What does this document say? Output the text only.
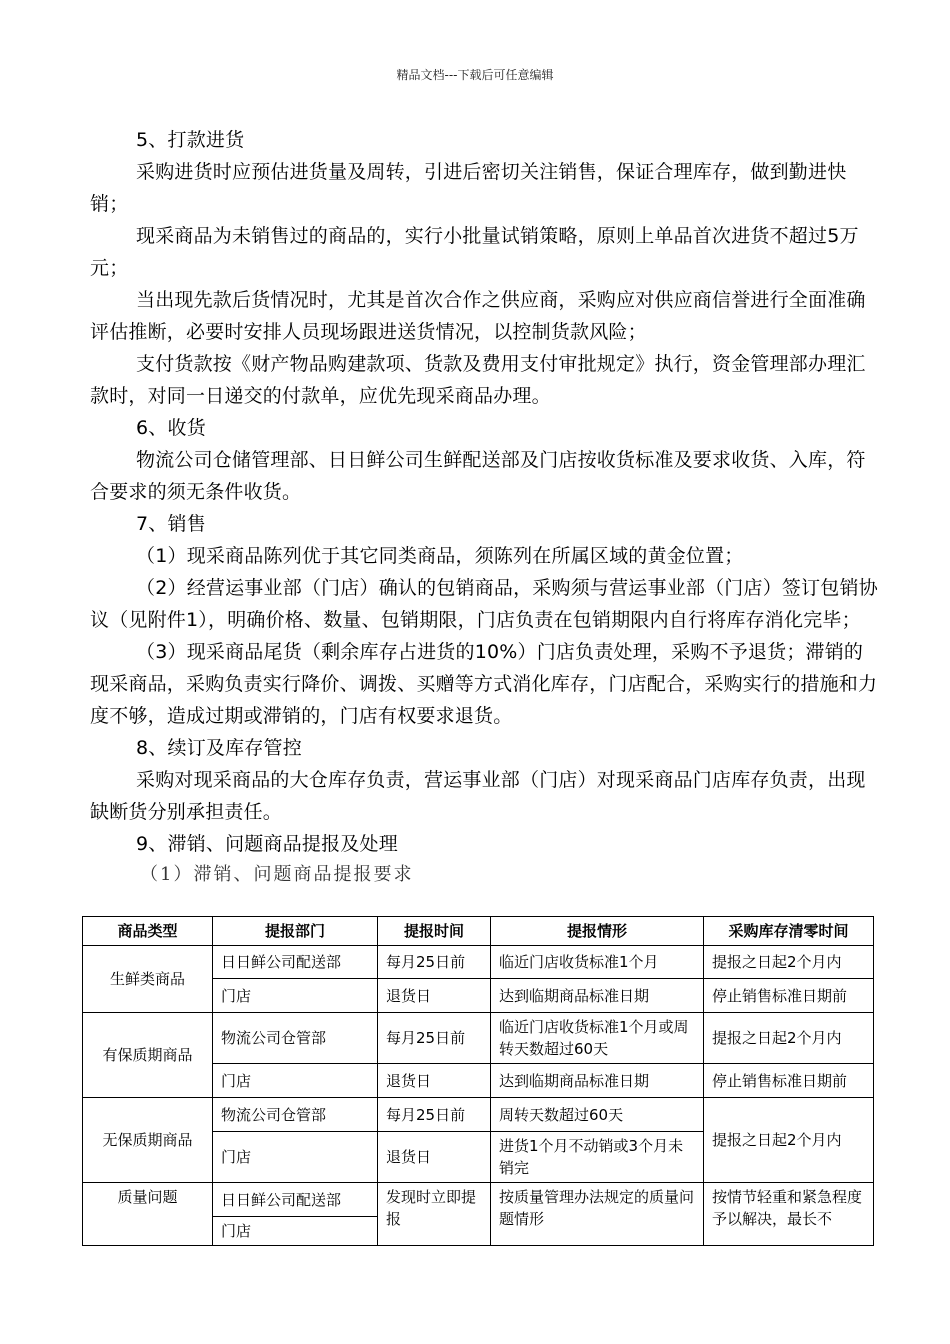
精品文档---下载后可任意编辑

5、打款进货

采购进货时应预估进货量及周转，引进后密切关注销售，保证合理库存，做到勤进快销；

现采商品为未销售过的商品的，实行小批量试销策略，原则上单品首次进货不超过5万元；

当出现先款后货情况时，尤其是首次合作之供应商，采购应对供应商信誉进行全面准确评估推断，必要时安排人员现场跟进送货情况，以控制货款风险；

支付货款按《财产物品购建款项、货款及费用支付审批规定》执行，资金管理部办理汇款时，对同一日递交的付款单，应优先现采商品办理。

6、收货

物流公司仓储管理部、日日鲜公司生鲜配送部及门店按收货标准及要求收货、入库，符合要求的须无条件收货。

7、销售

（1）现采商品陈列优于其它同类商品，须陈列在所属区域的黄金位置；

（2）经营运事业部（门店）确认的包销商品，采购须与营运事业部（门店）签订包销协议（见附件1），明确价格、数量、包销期限，门店负责在包销期限内自行将库存消化完毕；

（3）现采商品尾货（剩余库存占进货的10%）门店负责处理，采购不予退货；滞销的现采商品，采购负责实行降价、调拨、买赠等方式消化库存，门店配合，采购实行的措施和力度不够，造成过期或滞销的，门店有权要求退货。

8、续订及库存管控

采购对现采商品的大仓库存负责，营运事业部（门店）对现采商品门店库存负责，出现缺断货分别承担责任。

9、滞销、问题商品提报及处理

（1）滞销、问题商品提报要求

商品类型	提报部门	提报时间	提报情形	采购库存清零时间
生鲜类商品	日日鲜公司配送部	每月25日前	临近门店收货标准1个月	提报之日起2个月内
	门店	退货日	达到临期商品标准日期	停止销售标准日期前
有保质期商品	物流公司仓管部	每月25日前	临近门店收货标准1个月或周转天数超过60天	提报之日起2个月内
	门店	退货日	达到临期商品标准日期	停止销售标准日期前
无保质期商品	物流公司仓管部	每月25日前	周转天数超过60天	提报之日起2个月内
	门店	退货日	进货1个月不动销或3个月未销完	
质量问题	日日鲜公司配送部	发现时立即提报	按质量管理办法规定的质量问题情形	按情节轻重和紧急程度予以解决，最长不

	门店			
